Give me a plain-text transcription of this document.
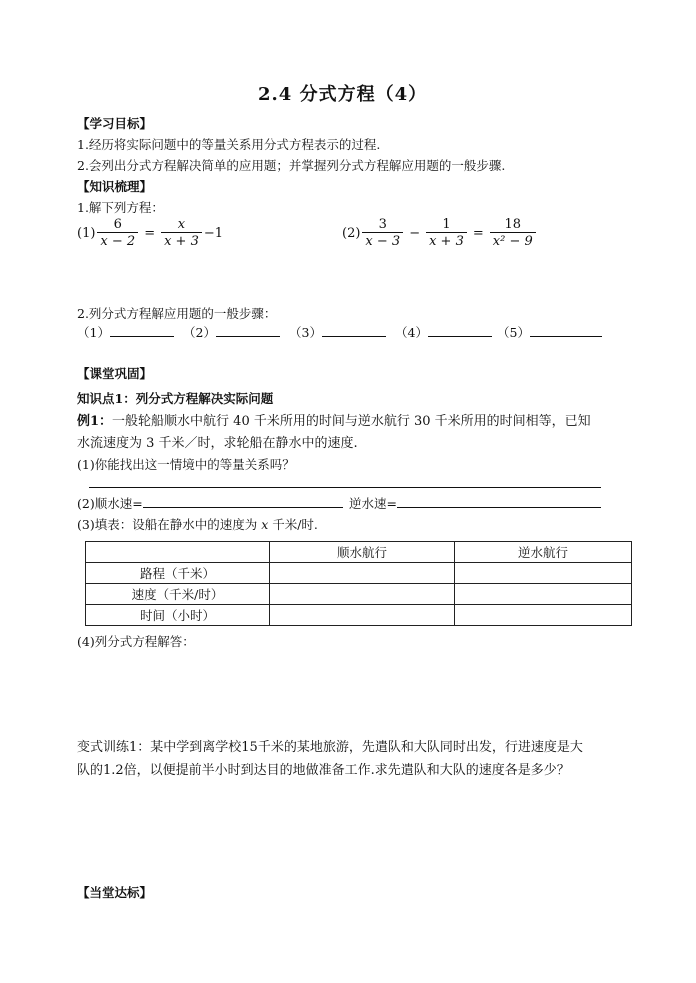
2.4 分式方程（4）
【学习目标】
1.经历将实际问题中的等量关系用分式方程表示的过程.
2.会列出分式方程解决简单的应用题；并掌握列分式方程解应用题的一般步骤.
【知识梳理】
1.解下列方程：
$(1) \frac{6}{x - 2} = \frac{x}{x + 3} -1$	$(2) \frac{3}{x - 3} - \frac{1}{x + 3} = \frac{18}{\text{x² − 9}}$
2.列分式方程解应用题的一般步骤：
（1）	（2）	（3）	（4）	（5）
【课堂巩固】
知识点1：列分式方程解决实际问题
例1：一般轮船顺水中航行 40 千米所用的时间与逆水航行 30 千米所用的时间相等，已知
水流速度为 3 千米／时，求轮船在静水中的速度.
(1)你能找出这一情境中的等量关系吗？
(2)顺水速=	逆水速=
(3)填表：设船在静水中的速度为 x 千米/时.
	顺水航行	逆水航行
路程（千米）		
速度（千米/时）		
时间（小时）		
(4)列分式方程解答：
变式训练1：某中学到离学校15千米的某地旅游，先遣队和大队同时出发，行进速度是大
队的1.2倍，以便提前半小时到达目的地做准备工作.求先遣队和大队的速度各是多少？
【当堂达标】
